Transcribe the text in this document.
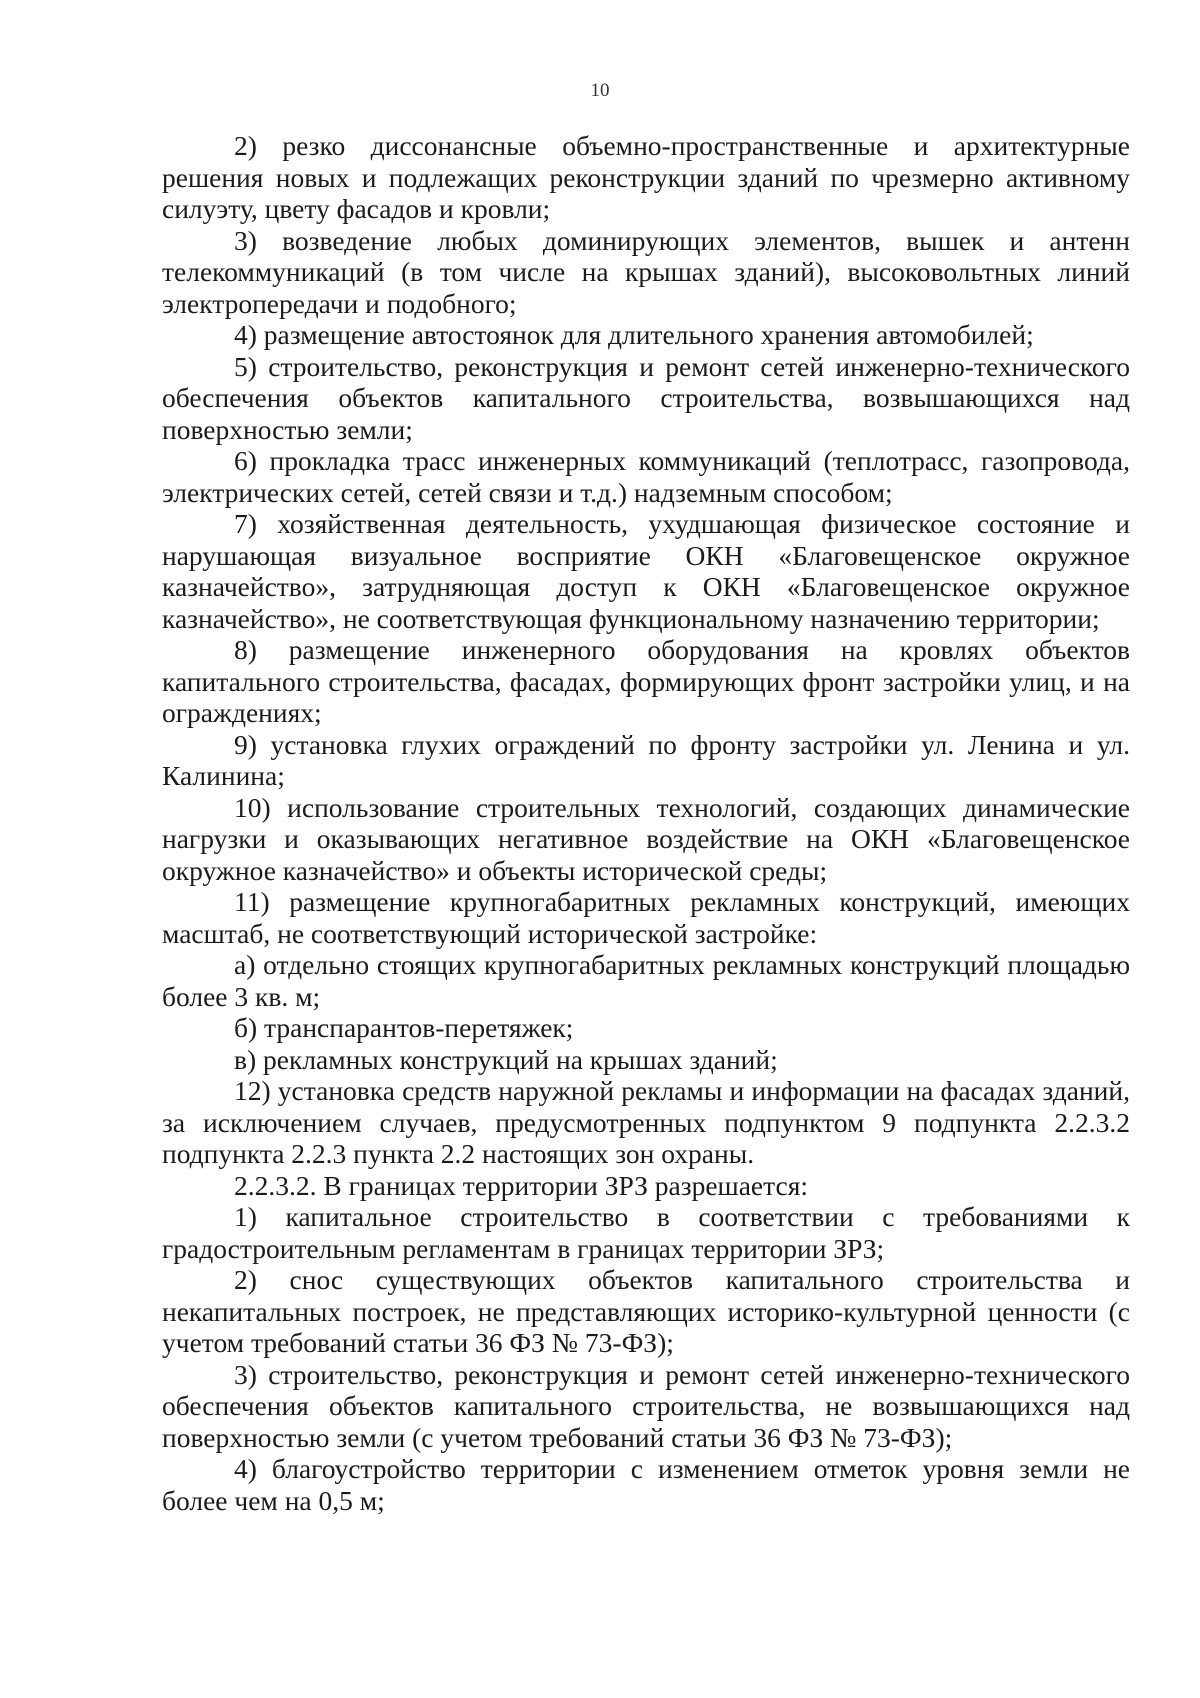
10

2) резко диссонансные объемно-пространственные и архитектурные решения новых и подлежащих реконструкции зданий по чрезмерно активному силуэту, цвету фасадов и кровли;

3) возведение любых доминирующих элементов, вышек и антенн телекоммуникаций (в том числе на крышах зданий), высоковольтных линий электропередачи и подобного;

4) размещение автостоянок для длительного хранения автомобилей;

5) строительство, реконструкция и ремонт сетей инженерно-технического обеспечения объектов капитального строительства, возвышающихся над поверхностью земли;

6) прокладка трасс инженерных коммуникаций (теплотрасс, газопровода, электрических сетей, сетей связи и т.д.) надземным способом;

7) хозяйственная деятельность, ухудшающая физическое состояние и нарушающая визуальное восприятие ОКН «Благовещенское окружное казначейство», затрудняющая доступ к ОКН «Благовещенское окружное казначейство», не соответствующая функциональному назначению территории;

8) размещение инженерного оборудования на кровлях объектов капитального строительства, фасадах, формирующих фронт застройки улиц, и на ограждениях;

9) установка глухих ограждений по фронту застройки ул. Ленина и ул. Калинина;

10) использование строительных технологий, создающих динамические нагрузки и оказывающих негативное воздействие на ОКН «Благовещенское окружное казначейство» и объекты исторической среды;

11) размещение крупногабаритных рекламных конструкций, имеющих масштаб, не соответствующий исторической застройке:

а) отдельно стоящих крупногабаритных рекламных конструкций площадью более 3 кв. м;

б) транспарантов-перетяжек;

в) рекламных конструкций на крышах зданий;

12) установка средств наружной рекламы и информации на фасадах зданий, за исключением случаев, предусмотренных подпунктом 9 подпункта 2.2.3.2 подпункта 2.2.3 пункта 2.2 настоящих зон охраны.

2.2.3.2. В границах территории ЗРЗ разрешается:

1) капитальное строительство в соответствии с требованиями к градостроительным регламентам в границах территории ЗРЗ;

2) снос существующих объектов капитального строительства и некапитальных построек, не представляющих историко-культурной ценности (с учетом требований статьи 36 ФЗ № 73-ФЗ);

3) строительство, реконструкция и ремонт сетей инженерно-технического обеспечения объектов капитального строительства, не возвышающихся над поверхностью земли (с учетом требований статьи 36 ФЗ № 73-ФЗ);

4) благоустройство территории с изменением отметок уровня земли не более чем на 0,5 м;
